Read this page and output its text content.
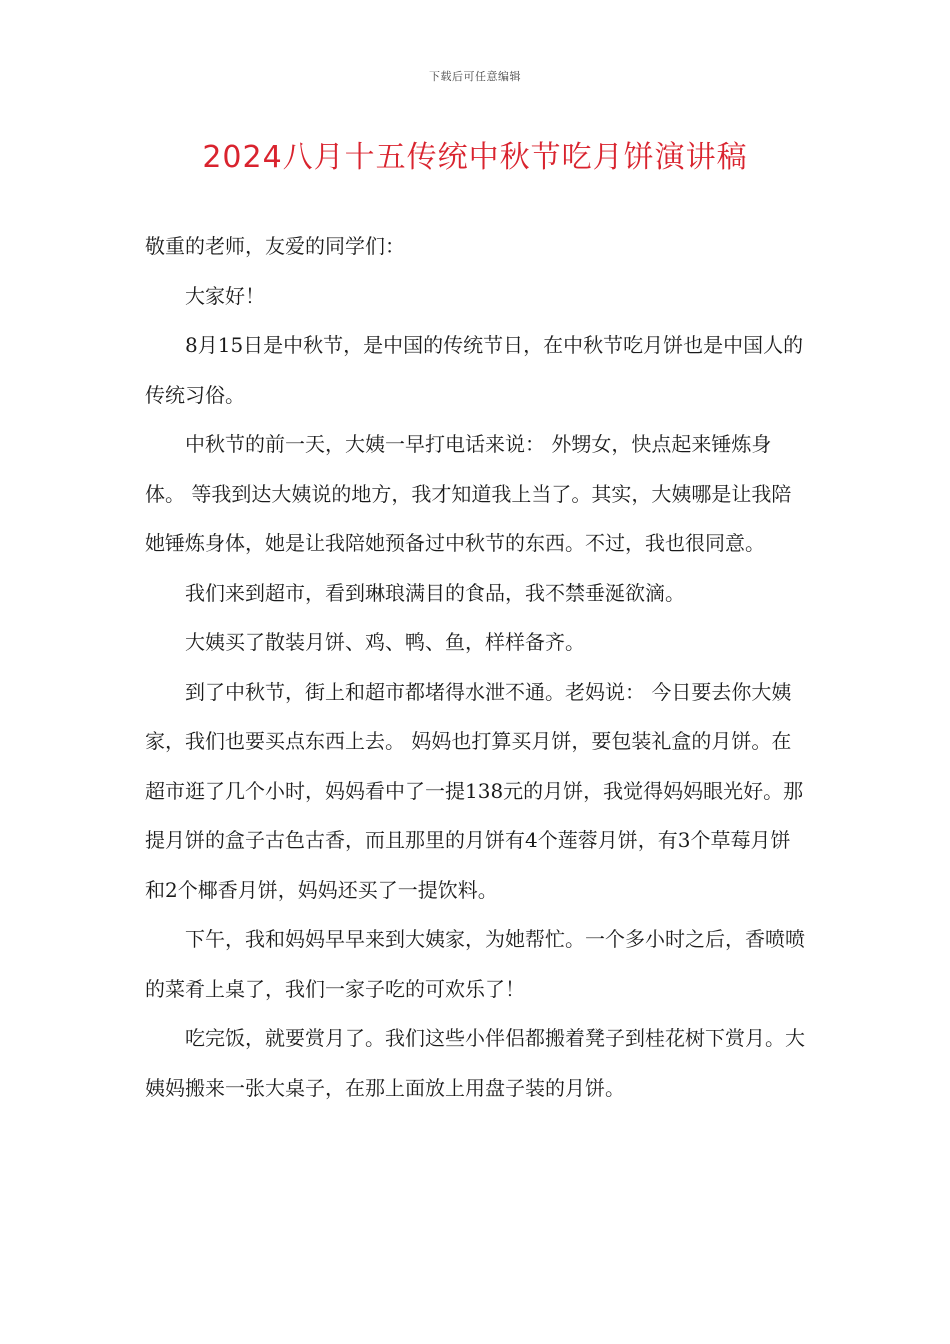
下载后可任意编辑
2024八月十五传统中秋节吃月饼演讲稿

敬重的老师，友爱的同学们：

大家好！

8月15日是中秋节，是中国的传统节日，在中秋节吃月饼也是中国人的传统习俗。

中秋节的前一天，大姨一早打电话来说： 外甥女，快点起来锤炼身体。 等我到达大姨说的地方，我才知道我上当了。其实，大姨哪是让我陪她锤炼身体，她是让我陪她预备过中秋节的东西。不过，我也很同意。

我们来到超市，看到琳琅满目的食品，我不禁垂涎欲滴。

大姨买了散装月饼、鸡、鸭、鱼，样样备齐。

到了中秋节，街上和超市都堵得水泄不通。老妈说： 今日要去你大姨家，我们也要买点东西上去。 妈妈也打算买月饼，要包装礼盒的月饼。在超市逛了几个小时，妈妈看中了一提138元的月饼，我觉得妈妈眼光好。那提月饼的盒子古色古香，而且那里的月饼有4个莲蓉月饼，有3个草莓月饼和2个椰香月饼，妈妈还买了一提饮料。

下午，我和妈妈早早来到大姨家，为她帮忙。一个多小时之后，香喷喷的菜肴上桌了，我们一家子吃的可欢乐了！

吃完饭，就要赏月了。我们这些小伴侣都搬着凳子到桂花树下赏月。大姨妈搬来一张大桌子，在那上面放上用盘子装的月饼。
